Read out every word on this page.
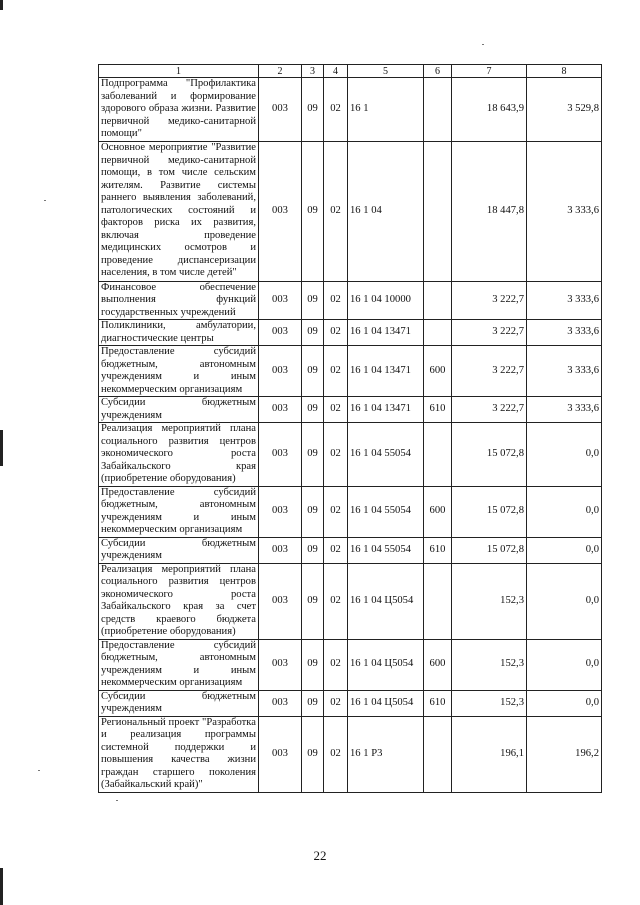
1	2	3	4	5	6	7	8
Подпрограмма "Профилактика заболеваний и формирование здорового образа жизни. Развитие первичной медико-санитарной помощи"	003	09	02	16 1		18 643,9	3 529,8
Основное мероприятие "Развитие первичной медико-санитарной помощи, в том числе сельским жителям. Развитие системы раннего выявления заболеваний, патологических состояний и факторов риска их развития, включая проведение медицинских осмотров и проведение диспансеризации населения, в том числе детей"	003	09	02	16 1 04		18 447,8	3 333,6
Финансовое обеспечение выполнения функций государственных учреждений	003	09	02	16 1 04 10000		3 222,7	3 333,6
Поликлиники, амбулатории, диагностические центры	003	09	02	16 1 04 13471		3 222,7	3 333,6
Предоставление субсидий бюджетным, автономным учреждениям и иным некоммерческим организациям	003	09	02	16 1 04 13471	600	3 222,7	3 333,6
Субсидии бюджетным учреждениям	003	09	02	16 1 04 13471	610	3 222,7	3 333,6
Реализация мероприятий плана социального развития центров экономического роста Забайкальского края (приобретение оборудования)	003	09	02	16 1 04 55054		15 072,8	0,0
Предоставление субсидий бюджетным, автономным учреждениям и иным некоммерческим организациям	003	09	02	16 1 04 55054	600	15 072,8	0,0
Субсидии бюджетным учреждениям	003	09	02	16 1 04 55054	610	15 072,8	0,0
Реализация мероприятий плана социального развития центров экономического роста Забайкальского края за счет средств краевого бюджета (приобретение оборудования)	003	09	02	16 1 04 Ц5054		152,3	0,0
Предоставление субсидий бюджетным, автономным учреждениям и иным некоммерческим организациям	003	09	02	16 1 04 Ц5054	600	152,3	0,0
Субсидии бюджетным учреждениям	003	09	02	16 1 04 Ц5054	610	152,3	0,0
Региональный проект "Разработка и реализация программы системной поддержки и повышения качества жизни граждан старшего поколения (Забайкальский край)"	003	09	02	16 1 P3		196,1	196,2
22
